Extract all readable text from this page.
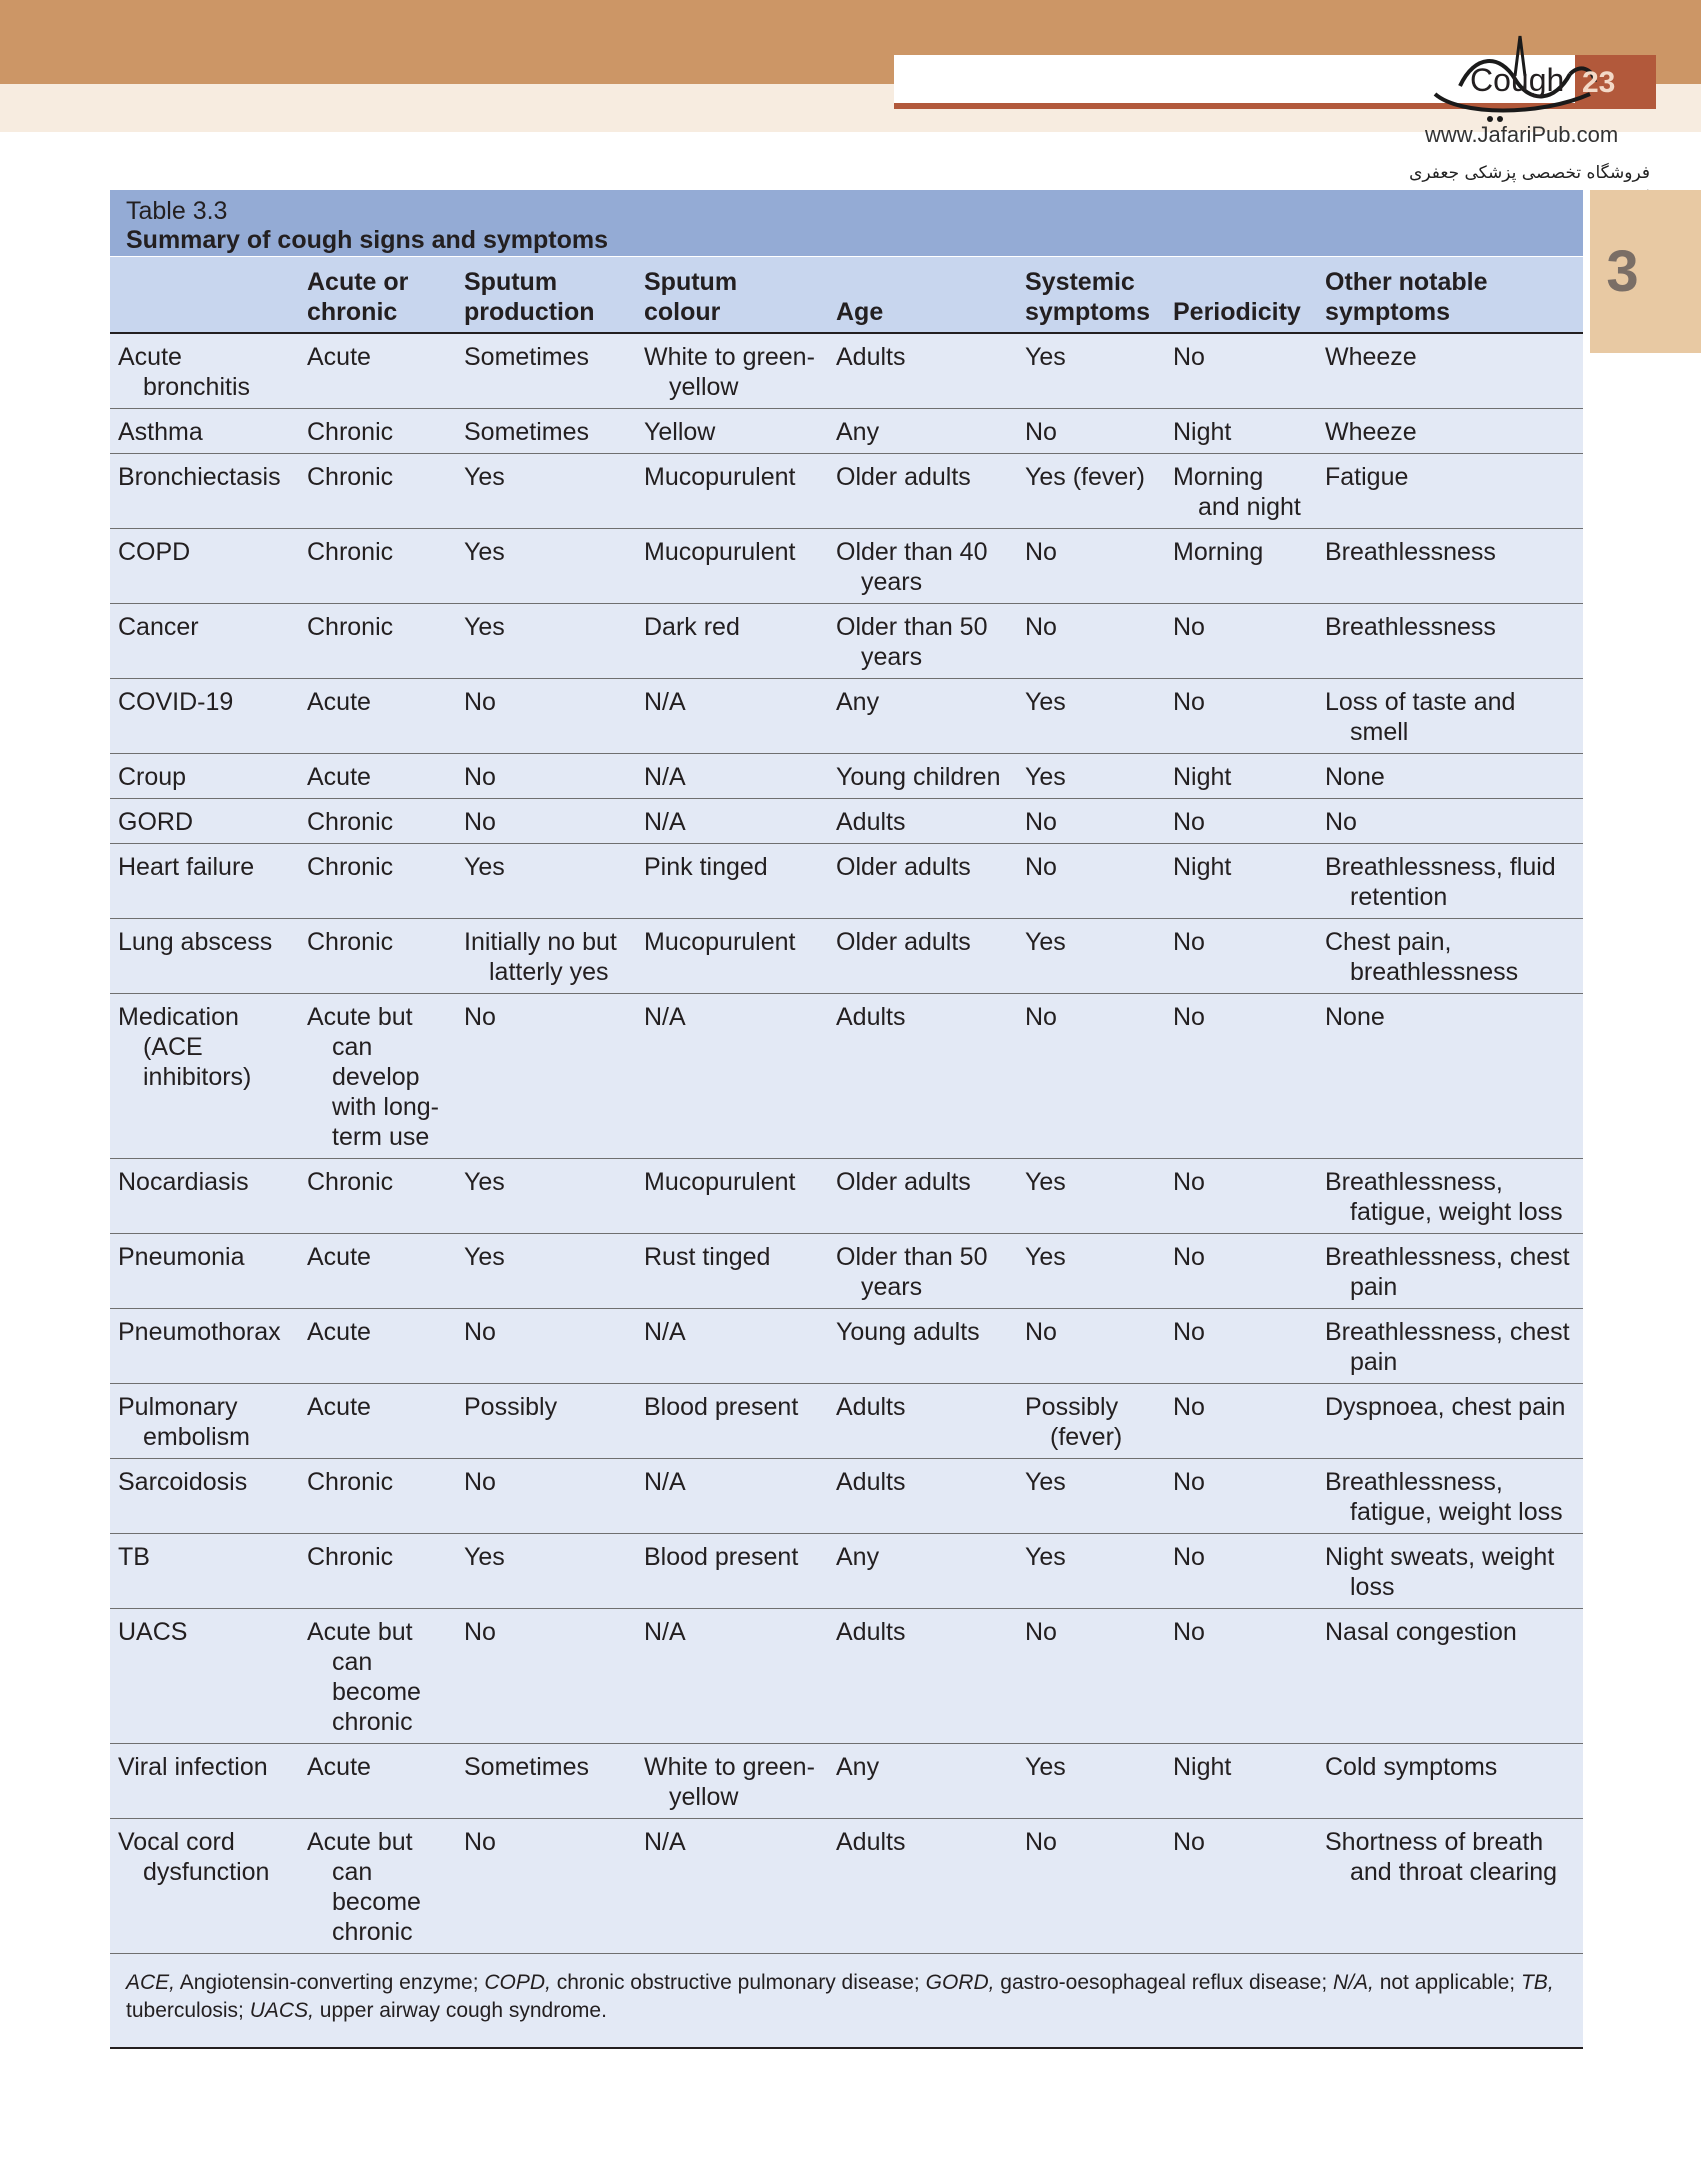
Cough 23
www.JafariPub.com
فروشگاه تخصصی پزشکی جعفری
3
Table 3.3
Summary of cough signs and symptoms
	Acute or chronic	Sputum production	Sputum colour	Age	Systemic symptoms	Periodicity	Other notable symptoms
Acute bronchitis	Acute	Sometimes	White to green-yellow	Adults	Yes	No	Wheeze
Asthma	Chronic	Sometimes	Yellow	Any	No	Night	Wheeze
Bronchiectasis	Chronic	Yes	Mucopurulent	Older adults	Yes (fever)	Morning and night	Fatigue
COPD	Chronic	Yes	Mucopurulent	Older than 40 years	No	Morning	Breathlessness
Cancer	Chronic	Yes	Dark red	Older than 50 years	No	No	Breathlessness
COVID-19	Acute	No	N/A	Any	Yes	No	Loss of taste and smell
Croup	Acute	No	N/A	Young children	Yes	Night	None
GORD	Chronic	No	N/A	Adults	No	No	No
Heart failure	Chronic	Yes	Pink tinged	Older adults	No	Night	Breathlessness, fluid retention
Lung abscess	Chronic	Initially no but latterly yes	Mucopurulent	Older adults	Yes	No	Chest pain, breathlessness
Medication (ACE inhibitors)	Acute but can develop with long-term use	No	N/A	Adults	No	No	None
Nocardiasis	Chronic	Yes	Mucopurulent	Older adults	Yes	No	Breathlessness, fatigue, weight loss
Pneumonia	Acute	Yes	Rust tinged	Older than 50 years	Yes	No	Breathlessness, chest pain
Pneumothorax	Acute	No	N/A	Young adults	No	No	Breathlessness, chest pain
Pulmonary embolism	Acute	Possibly	Blood present	Adults	Possibly (fever)	No	Dyspnoea, chest pain
Sarcoidosis	Chronic	No	N/A	Adults	Yes	No	Breathlessness, fatigue, weight loss
TB	Chronic	Yes	Blood present	Any	Yes	No	Night sweats, weight loss
UACS	Acute but can become chronic	No	N/A	Adults	No	No	Nasal congestion
Viral infection	Acute	Sometimes	White to green-yellow	Any	Yes	Night	Cold symptoms
Vocal cord dysfunction	Acute but can become chronic	No	N/A	Adults	No	No	Shortness of breath and throat clearing
ACE, Angiotensin-converting enzyme; COPD, chronic obstructive pulmonary disease; GORD, gastro-oesophageal reflux disease; N/A, not applicable; TB, tuberculosis; UACS, upper airway cough syndrome.
